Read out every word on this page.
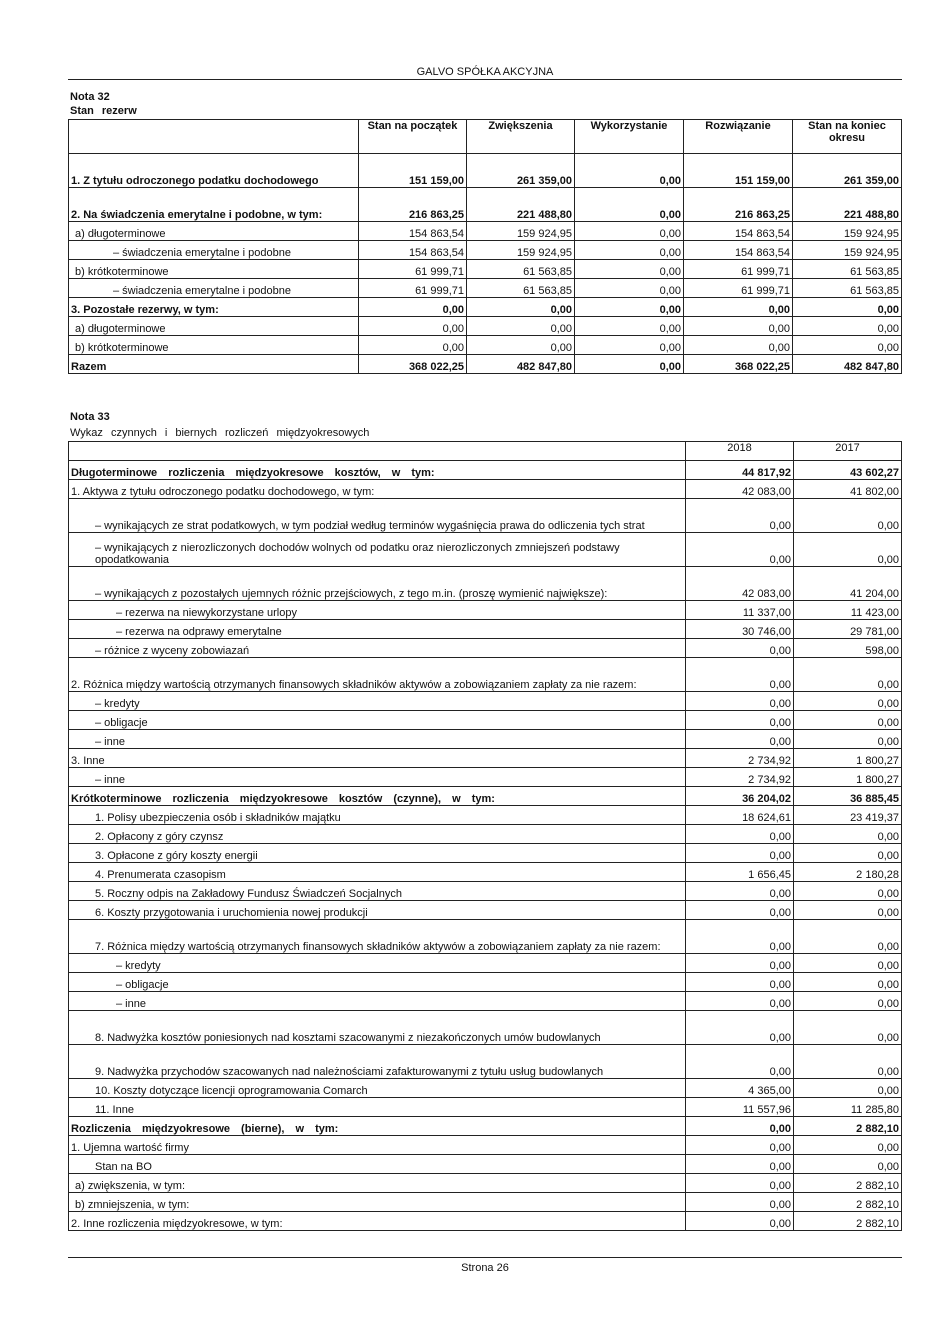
GALVO SPÓŁKA AKCYJNA
Nota 32
Stan rezerw
	Stan na początek	Zwiększenia	Wykorzystanie	Rozwiązanie	Stan na koniec okresu
1. Z tytułu odroczonego podatku dochodowego	151 159,00	261 359,00	0,00	151 159,00	261 359,00
2. Na świadczenia emerytalne i podobne, w tym:	216 863,25	221 488,80	0,00	216 863,25	221 488,80
a) długoterminowe	154 863,54	159 924,95	0,00	154 863,54	159 924,95
– świadczenia emerytalne i podobne	154 863,54	159 924,95	0,00	154 863,54	159 924,95
b) krótkoterminowe	61 999,71	61 563,85	0,00	61 999,71	61 563,85
– świadczenia emerytalne i podobne	61 999,71	61 563,85	0,00	61 999,71	61 563,85
3. Pozostałe rezerwy, w tym:	0,00	0,00	0,00	0,00	0,00
a) długoterminowe	0,00	0,00	0,00	0,00	0,00
b) krótkoterminowe	0,00	0,00	0,00	0,00	0,00
Razem	368 022,25	482 847,80	0,00	368 022,25	482 847,80
Nota 33
Wykaz czynnych i biernych rozliczeń międzyokresowych
	2018	2017
Długoterminowe rozliczenia międzyokresowe kosztów, w tym:	44 817,92	43 602,27
1. Aktywa z tytułu odroczonego podatku dochodowego, w tym:	42 083,00	41 802,00
– wynikających ze strat podatkowych, w tym podział według terminów wygaśnięcia prawa do odliczenia tych strat	0,00	0,00
– wynikających z nierozliczonych dochodów wolnych od podatku oraz nierozliczonych zmniejszeń podstawy opodatkowania	0,00	0,00
– wynikających z pozostałych ujemnych różnic przejściowych, z tego m.in. (proszę wymienić największe):	42 083,00	41 204,00
– rezerwa na niewykorzystane urlopy	11 337,00	11 423,00
– rezerwa na odprawy emerytalne	30 746,00	29 781,00
– różnice z wyceny zobowiazań	0,00	598,00
2. Różnica między wartością otrzymanych finansowych składników aktywów a zobowiązaniem zapłaty za nie razem:	0,00	0,00
– kredyty	0,00	0,00
– obligacje	0,00	0,00
– inne	0,00	0,00
3. Inne	2 734,92	1 800,27
– inne	2 734,92	1 800,27
Krótkoterminowe rozliczenia międzyokresowe kosztów (czynne), w tym:	36 204,02	36 885,45
1. Polisy ubezpieczenia osób i składników majątku	18 624,61	23 419,37
2. Opłacony z góry czynsz	0,00	0,00
3. Opłacone z góry koszty energii	0,00	0,00
4. Prenumerata czasopism	1 656,45	2 180,28
5. Roczny odpis na Zakładowy Fundusz Świadczeń Socjalnych	0,00	0,00
6. Koszty przygotowania i uruchomienia nowej produkcji	0,00	0,00
7. Różnica między wartością otrzymanych finansowych składników aktywów a zobowiązaniem zapłaty za nie razem:	0,00	0,00
– kredyty	0,00	0,00
– obligacje	0,00	0,00
– inne	0,00	0,00
8. Nadwyżka kosztów poniesionych nad kosztami szacowanymi z niezakończonych umów budowlanych	0,00	0,00
9. Nadwyżka przychodów szacowanych nad należnościami zafakturowanymi z tytułu usług budowlanych	0,00	0,00
10. Koszty dotyczące licencji oprogramowania Comarch	4 365,00	0,00
11. Inne	11 557,96	11 285,80
Rozliczenia międzyokresowe (bierne), w tym:	0,00	2 882,10
1. Ujemna wartość firmy	0,00	0,00
Stan na BO	0,00	0,00
a) zwiększenia, w tym:	0,00	2 882,10
b) zmniejszenia, w tym:	0,00	2 882,10
2. Inne rozliczenia międzyokresowe, w tym:	0,00	2 882,10
Strona 26
